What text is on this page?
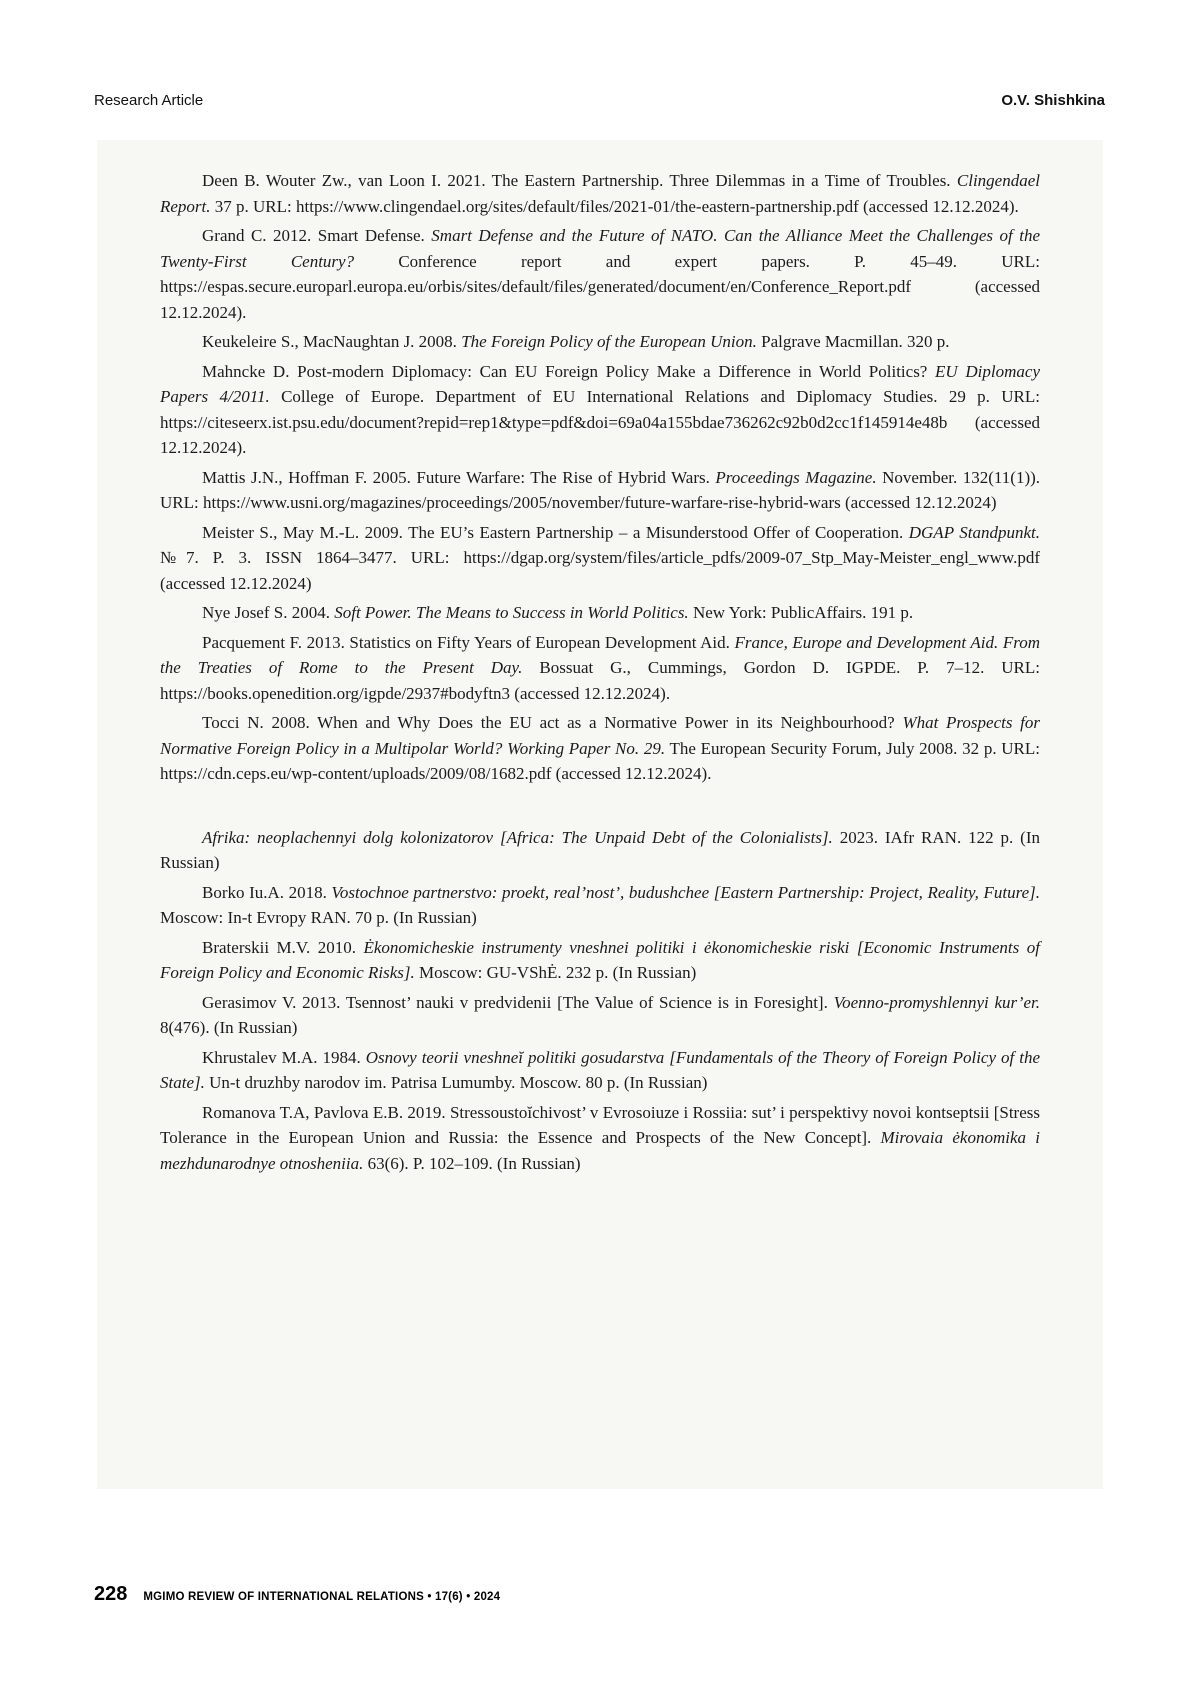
Research Article	O.V. Shishkina

Deen B. Wouter Zw., van Loon I. 2021. The Eastern Partnership. Three Dilemmas in a Time of Troubles. Clingendael Report. 37 p. URL: https://www.clingendael.org/sites/default/files/2021-01/the-eastern-partnership.pdf (accessed 12.12.2024).

Grand C. 2012. Smart Defense. Smart Defense and the Future of NATO. Can the Alliance Meet the Challenges of the Twenty-First Century? Conference report and expert papers. P. 45–49. URL: https://espas.secure.europarl.europa.eu/orbis/sites/default/files/generated/document/en/Conference_Report.pdf (accessed 12.12.2024).

Keukeleire S., MacNaughtan J. 2008. The Foreign Policy of the European Union. Palgrave Macmillan. 320 p.

Mahncke D. Post-modern Diplomacy: Can EU Foreign Policy Make a Difference in World Politics? EU Diplomacy Papers 4/2011. College of Europe. Department of EU International Relations and Diplomacy Studies. 29 p. URL: https://citeseerx.ist.psu.edu/document?repid=rep1&type=pdf&doi=69a04a155bdae736262c92b0d2cc1f145914e48b (accessed 12.12.2024).

Mattis J.N., Hoffman F. 2005. Future Warfare: The Rise of Hybrid Wars. Proceedings Magazine. November. 132(11(1)). URL: https://www.usni.org/magazines/proceedings/2005/november/future-warfare-rise-hybrid-wars (accessed 12.12.2024)

Meister S., May M.-L. 2009. The EU’s Eastern Partnership – a Misunderstood Offer of Cooperation. DGAP Standpunkt. №7. P. 3. ISSN 1864–3477. URL: https://dgap.org/system/files/article_pdfs/2009-07_Stp_May-Meister_engl_www.pdf (accessed 12.12.2024)

Nye Josef S. 2004. Soft Power. The Means to Success in World Politics. New York: PublicAffairs. 191 p.

Pacquement F. 2013. Statistics on Fifty Years of European Development Aid. France, Europe and Development Aid. From the Treaties of Rome to the Present Day. Bossuat G., Cummings, Gordon D. IGPDE. P. 7–12. URL: https://books.openedition.org/igpde/2937#bodyftn3 (accessed 12.12.2024).

Tocci N. 2008. When and Why Does the EU act as a Normative Power in its Neighbourhood? What Prospects for Normative Foreign Policy in a Multipolar World? Working Paper No. 29. The European Security Forum, July 2008. 32 p. URL: https://cdn.ceps.eu/wp-content/uploads/2009/08/1682.pdf (accessed 12.12.2024).

Afrika: neoplachennyi dolg kolonizatorov [Africa: The Unpaid Debt of the Colonialists]. 2023. IAfr RAN. 122 p. (In Russian)

Borko Iu.A. 2018. Vostochnoe partnerstvo: proekt, real’nost’, budushchee [Eastern Partnership: Project, Reality, Future]. Moscow: In-t Evropy RAN. 70 p. (In Russian)

Braterskii M.V. 2010. Ėkonomicheskie instrumenty vneshnei politiki i ėkonomicheskie riski [Economic Instruments of Foreign Policy and Economic Risks]. Moscow: GU-VShĖ. 232 p. (In Russian)

Gerasimov V. 2013. Tsennost’ nauki v predvidenii [The Value of Science is in Foresight]. Voenno-promyshlennyi kur’er. 8(476). (In Russian)

Khrustalev M.A. 1984. Osnovy teorii vneshneĭ politiki gosudarstva [Fundamentals of the Theory of Foreign Policy of the State]. Un-t druzhby narodov im. Patrisa Lumumby. Moscow. 80 p. (In Russian)

Romanova T.A, Pavlova E.B. 2019. Stressoustoĭchivost’ v Evrosoiuze i Rossiia: sut’ i perspektivy novoi kontseptsii [Stress Tolerance in the European Union and Russia: the Essence and Prospects of the New Concept]. Mirovaia ėkonomika i mezhdunarodnye otnosheniia. 63(6). P. 102–109. (In Russian)

228 MGIMO REVIEW OF INTERNATIONAL RELATIONS • 17(6) • 2024
